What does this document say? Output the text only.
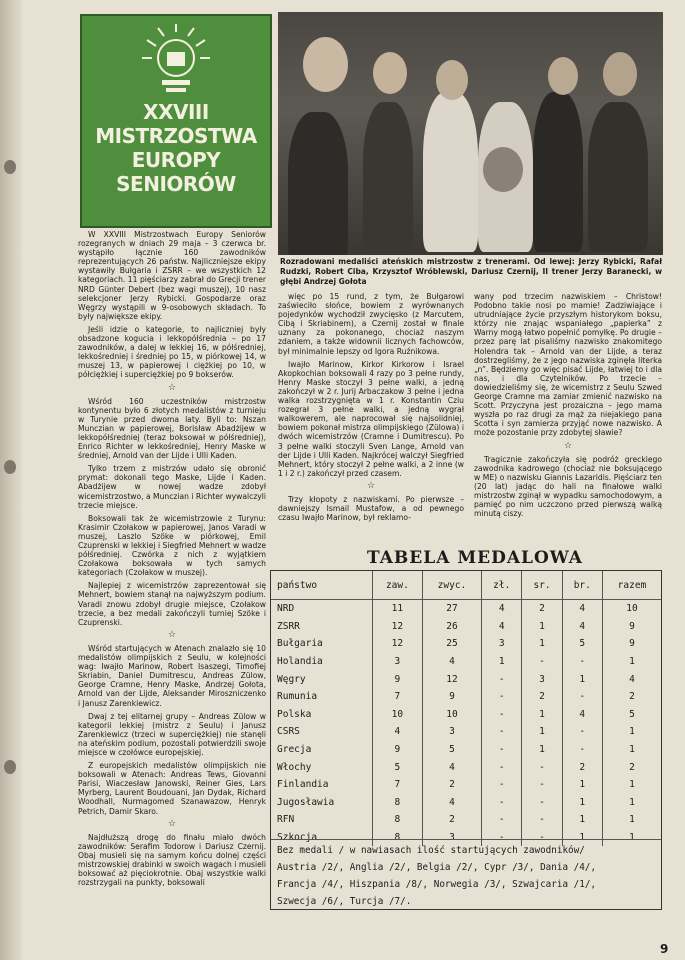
XXVIII
MISTRZOSTWA
EUROPY
SENIORÓW
Rozradowani medaliści ateńskich mistrzostw z trenerami. Od lewej: Jerzy Rybicki, Rafał Rudzki, Robert Ciba, Krzysztof Wróblewski, Dariusz Czernij, II trener Jerzy Baranecki, w głębi Andrzej Gołota

W XXVIII Mistrzostwach Europy Seniorów rozegranych w dniach 29 maja – 3 czerwca br. wystąpiło łącznie 160 zawodników reprezentujących 26 państw. Najliczniejsze ekipy wystawiły Bułgaria i ZSRR – we wszystkich 12 kategoriach. 11 pięściarzy zabrał do Grecji trener NRD Günter Debert (bez wagi muszej), 10 nasz selekcjoner Jerzy Rybicki. Gospodarze oraz Węgrzy wystąpili w 9-osobowych składach. To były największe ekipy.

Jeśli idzie o kategorie, to najliczniej były obsadzone kogucia i lekkopółśrednia – po 17 zawodników, a dalej w lekkiej 16, w półśredniej, lekkośredniej i średniej po 15, w piórkowej 14, w muszej 13, w papierowej i ciężkiej po 10, w półciężkiej i superciężkiej po 9 bokserów.

☆

Wśród 160 uczestników mistrzostw kontynentu było 6 złotych medalistów z turnieju w Turynie przed dwoma laty. Byli to: Nszan Munczian w papierowej, Borisław Abadżijew w lekkopółśredniej (teraz boksował w półśredniej), Enrico Richter w lekkośredniej, Henry Maske w średniej, Arnold van der Lijde i Ulli Kaden.

Tylko trzem z mistrzów udało się obronić prymat: dokonali tego Maske, Lijde i Kaden. Abadżijew w nowej wadze zdobył wicemistrzostwo, a Munczian i Richter wywalczyli trzecie miejsce.

Boksowali tak że wicemistrzowie z Turynu: Krasimir Czołakow w papierowej, Janos Varadi w muszej, Laszlo Szöke w piórkowej, Emil Czuprenski w lekkiej i Siegfried Mehnert w wadze półśredniej. Czwórka z nich z wyjątkiem Czołakowa boksowała w tych samych kategoriach (Czołakow w muszej).

Najlepiej z wicemistrzów zaprezentował się Mehnert, bowiem stanął na najwyższym podium. Varadi znowu zdobył drugie miejsce, Czołakow trzecie, a bez medali zakończyli turniej Szöke i Czuprenski.

☆

Wśród startujących w Atenach znalazło się 10 medalistów olimpijskich z Seulu, w kolejności wag: Iwajło Marinow, Robert Isaszegi, Timofiej Skriabin, Daniel Dumitrescu, Andreas Zülow, George Cramne, Henry Maske, Andrzej Gołota, Arnold van der Lijde, Aleksander Miroszniczenko i Janusz Zarenkiewicz.

Dwaj z tej elitarnej grupy – Andreas Zülow w kategorii lekkiej (mistrz z Seulu) i Janusz Zarenkiewicz (trzeci w superciężkiej) nie stanęli na ateńskim podium, pozostali potwierdzili swoje miejsce w czołówce europejskiej.

Z europejskich medalistów olimpijskich nie boksowali w Atenach: Andreas Tews, Giovanni Parisi, Wiaczesław Janowski, Reiner Gies, Lars Myrberg, Laurent Boudouani, Jan Dydak, Richard Woodhall, Nurmagomed Szanawazow, Henryk Petrich, Damir Skaro.

☆

Najdłuższą drogę do finału miało dwóch zawodników: Serafim Todorow i Dariusz Czernij. Obaj musieli się na samym końcu dolnej części mistrzowskiej drabinki w swoich wagach i musieli boksować aż pięciokrotnie. Obaj wszystkie walki rozstrzygali na punkty, boksowali

więc po 15 rund, z tym, że Bułgarowi zaświeciło słońce, bowiem z wyrównanych pojedynków wychodził zwycięsko (z Marcutem, Cibą i Skriabinem), a Czernij został w finale uznany za pokonanego, chociaż naszym zdaniem, a także widownii licznych fachowców, był minimalnie lepszy od Igora Ruźnikowa.

Iwajło Marinow, Kirkor Kirkorow i Israel Akopkochian boksowali 4 razy po 3 pełne rundy, Henry Maske stoczył 3 pełne walki, a jedną zakończył w 2 r. Jurij Arbaczakow 3 pełne i jedna walka rozstrzygnięta w 1 r. Konstantin Cziu rozegrał 3 pełne walki, a jedną wygrał walkowerem, ale naprocował się najsolidniej, bowiem pokonał mistrza olimpijskiego (Zülowa) i dwóch wicemistrzów (Cramne i Dumitrescu). Po 3 pełne walki stoczyli Sven Lange, Arnold van der Lijde i Ulli Kaden. Najkrócej walczył Siegfried Mehnert, który stoczył 2 pełne walki, a 2 inne (w 1 i 2 r.) zakończył przed czasem.

☆

Trzy kłopoty z nazwiskami. Po pierwsze – dawniejszy Ismail Mustafow, a od pewnego czasu Iwajło Marinow, był reklamo-

wany pod trzecim nazwiskiem – Christow! Podobno takie nosi po mamie! Zadziwiające i utrudniające życie przyszłym historykom boksu, którzy nie znając wspaniałego „papierka” z Warny mogą łatwo popełnić pomyłkę. Po drugie – przez parę lat pisaliśmy nazwisko znakomitego Holendra tak – Arnold van der Lijde, a teraz dostrzegliśmy, że z jego nazwiska zginęła literka „n”. Będziemy go więc pisać Lijde, łatwiej to i dla nas, i dla Czytelników. Po trzecie – dowiedzieliśmy się, że wicemistrz z Seulu Szwed George Cramne ma zamiar zmienić nazwisko na Scott. Przyczyna jest prozaiczna – jego mama wyszła po raz drugi za mąż za niejakiego pana Scotta i syn zamierza przyjąć nowe nazwisko. A może pozostanie przy zdobytej sławie?

☆

Tragicznie zakończyła się podróż greckiego zawodnika kadrowego (chociaż nie boksującego w ME) o nazwisku Giannis Lazaridis. Pięściarz ten (20 lat) jadąc do hali na finałowe walki mistrzostw zginął w wypadku samochodowym, a pamięć po nim uczczono przed pierwszą walką minutą ciszy.

TABELA MEDALOWA
państwo	zaw.	zwyc.	zł.	sr.	br.	razem
NRD	11	27	4	2	4	10
ZSRR	12	26	4	1	4	9
Bułgaria	12	25	3	1	5	9
Holandia	3	4	1	-	-	1
Węgry	9	12	-	3	1	4
Rumunia	7	9	-	2	-	2
Polska	10	10	-	1	4	5
CSRS	4	3	-	1	-	1
Grecja	9	5	-	1	-	1
Włochy	5	4	-	-	2	2
Finlandia	7	2	-	-	1	1
Jugosławia	8	4	-	-	1	1
RFN	8	2	-	-	1	1
Szkocja	8	3	-	-	1	1
Bez medali / w nawiasach ilość startujących zawodników/
Austria /2/, Anglia /2/, Belgia /2/, Cypr /3/, Dania /4/,
Francja /4/, Hiszpania /8/, Norwegia /3/, Szwajcaria /1/,
Szwecja /6/, Turcja /7/.
9
